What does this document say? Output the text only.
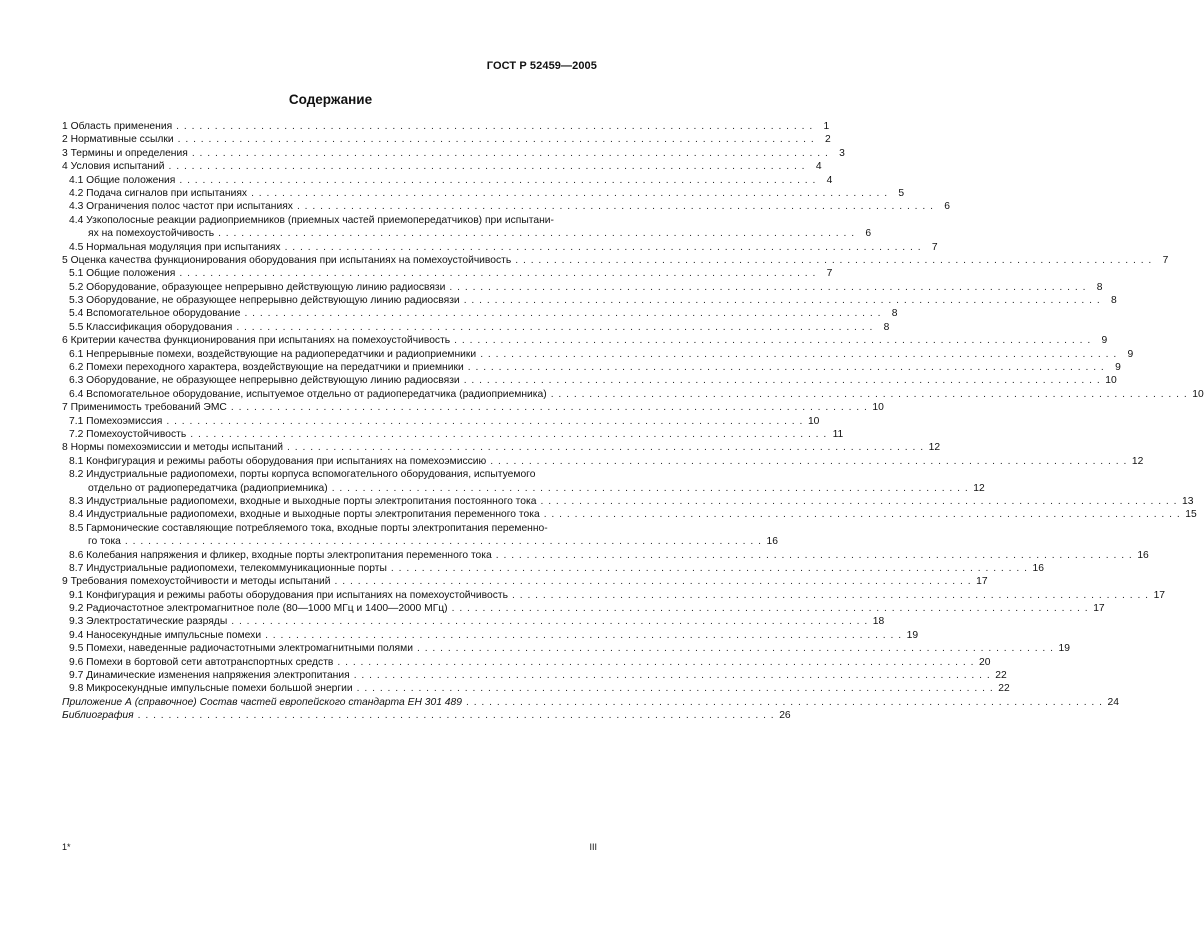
ГОСТ Р 52459—2005
Содержание
1 Область применения . . .	1
2 Нормативные ссылки . . .	2
3 Термины и определения . . .	3
4 Условия испытаний . . .	4
4.1 Общие положения . . .	4
4.2 Подача сигналов при испытаниях . . .	5
4.3 Ограничения полос частот при испытаниях . . .	6
4.4 Узкополосные реакции радиоприемников (приемных частей приемопередатчиков) при испытани-
ях на помехоустойчивость . . .	6
4.5 Нормальная модуляция при испытаниях . . .	7
5 Оценка качества функционирования оборудования при испытаниях на помехоустойчивость . . .	7
5.1 Общие положения . . .	7
5.2 Оборудование, образующее непрерывно действующую линию радиосвязи . . .	8
5.3 Оборудование, не образующее непрерывно действующую линию радиосвязи . . .	8
5.4 Вспомогательное оборудование . . .	8
5.5 Классификация оборудования . . .	8
6 Критерии качества функционирования при испытаниях на помехоустойчивость . . .	9
6.1 Непрерывные помехи, воздействующие на радиопередатчики и радиоприемники . . .	9
6.2 Помехи переходного характера, воздействующие на передатчики и приемники . . .	9
6.3 Оборудование, не образующее непрерывно действующую линию радиосвязи . . .	10
6.4 Вспомогательное оборудование, испытуемое отдельно от радиопередатчика (радиоприемника) . . .	10
7 Применимость требований ЭМС . . .	10
7.1 Помехоэмиссия . . .	10
7.2 Помехоустойчивость . . .	11
8 Нормы помехоэмиссии и методы испытаний . . .	12
8.1 Конфигурация и режимы работы оборудования при испытаниях на помехоэмиссию . . .	12
8.2 Индустриальные радиопомехи, порты корпуса вспомогательного оборудования, испытуемого
отдельно от радиопередатчика (радиоприемника) . . .	12
8.3 Индустриальные радиопомехи, входные и выходные порты электропитания постоянного тока . . .	13
8.4 Индустриальные радиопомехи, входные и выходные порты электропитания переменного тока . . .	15
8.5 Гармонические составляющие потребляемого тока, входные порты электропитания переменно-
го тока . . .	16
8.6 Колебания напряжения и фликер, входные порты электропитания переменного тока . . .	16
8.7 Индустриальные радиопомехи, телекоммуникационные порты . . .	16
9 Требования помехоустойчивости и методы испытаний . . .	17
9.1 Конфигурация и режимы работы оборудования при испытаниях на помехоустойчивость . . .	17
9.2 Радиочастотное электромагнитное поле (80—1000 МГц и 1400—2000 МГц) . . .	17
9.3 Электростатические разряды . . .	18
9.4 Наносекундные импульсные помехи . . .	19
9.5 Помехи, наведенные радиочастотными электромагнитными полями . . .	19
9.6 Помехи в бортовой сети автотранспортных средств . . .	20
9.7 Динамические изменения напряжения электропитания . . .	22
9.8 Микросекундные импульсные помехи большой энергии . . .	22
Приложение А (справочное) Состав частей европейского стандарта ЕН 301 489 . . .	24
Библиография . . .	26
1*	III
